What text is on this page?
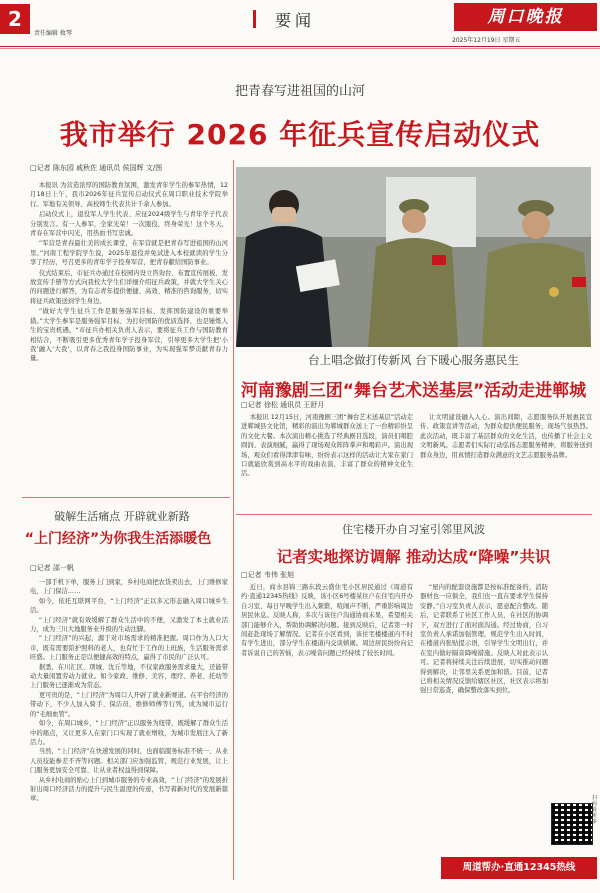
2
责任编辑 攸琴
要闻	周口晚报
2025年12月19日 星期五
把青春写进祖国的山河
我市举行 2026 年征兵宣传启动仪式
□记者 陈东园 戚秋佐 通讯员 侯国辉 文/图

本报讯 为营造浓厚的国防教育氛围，激发青年学生的参军热情，12月18日上午，我市2026年征兵宣传启动仪式在周口职业技术学院举行。军地有关领导、高校师生代表共计千余人参加。

启动仪式上，退役军人学生代表、应征2024级学生与青年学子代表分别发言。有一人参军，全家光荣！一次服役，终身荣光！这个冬天，青春在军营中闪光，用热血书写忠诚。

“军营是青春最壮美的成长课堂，在军营就是把青春写进祖国的山河里。”河南工程学院学生说，2025年退役并免试进入本校就读的学生分享了经历，号召更多的青年学子投身军营，把青春献给国防事业。

仪式结束后，市征兵办通过在校园内设立咨询台、布置宣传展板、发放宣传手册等方式向我校大学生们详细介绍征兵政策，并就大学生关心的问题进行解答，为有志青年提供便捷、高效、精准的咨询服务，切实将征兵政策送到学生身边。

“做好大学生征兵工作是服务强军目标、发挥国防建设的重要举措。”大学生参军是服务强军目标、为打好国防的优质选择，也是锤炼人生的宝贵机遇。“市征兵办相关负责人表示，要将征兵工作与国防教育相结合，不断吸引更多优秀青年学子投身军营，引导更多大学生把‘小我’融入‘大我’，以青春之我投身国防事业，为实现强军梦贡献青春力量。

征兵宣传活动现场
台上唱念做打传新风 台下暖心服务惠民生
河南豫剧三团“舞台艺术送基层”活动走进郸城
□记者 徐松 通讯员 王舒月
本报讯 12月15日，河南豫剧三团“舞台艺术送基层”活动走进郸城县文化馆，精彩的演出为郸城群众送上了一台精彩纷呈的文化大餐。本次演出精心挑选了经典剧目选段，演员们唱腔圆润、表演细腻，赢得了现场观众阵阵掌声和喝彩声。演出现场，观众们看得津津有味，纷纷表示这样的活动让大家在家门口就能欣赏到高水平的戏曲表演，丰富了群众的精神文化生活。
让文明建设融入人心。演出间隙，志愿服务队开展惠民宣传、政策宣讲等活动，为群众提供便民服务，现场气氛热烈。此次活动，既丰富了基层群众的文化生活，也传播了社会主义文明新风。志愿者们实际行动弘扬志愿服务精神，将服务送到群众身边，用真情打造群众满意的文艺志愿服务品牌。
破解生活痛点 开辟就业新路
“上门经济”为你我生活添暖色
□记者 邵一帆

一部手机下单，服务上门到家，乡村电商把农货卖出去，上门维修家电，上门保洁……

如今，依托互联网平台，“上门经济”正以多元形态融入周口城乡生活。

“上门经济”就有效缓解了群众生活中的不便，又激发了本土就业活力，成为三川大地服务业升级的生动注脚。

“上门经济”的兴起，源于对市场需求的精准把握。周口作为人口大市，既有需要陪护照料的老人，也有忙于工作的上班族，生活服务需求旺盛。上门服务正是以便捷高效的特点，赢得了市民的广泛认可。

据悉，在川汇区、项城、沈丘等地，不仅家政服务需求量大，还能带动大量闲置劳动力就业。如今家政、维修、美容、理疗、养老、托幼等上门服务已逐渐成为常态。

更可贵的是，“上门经济”为周口人开辟了就业新赛道。在平台经济的带动下，不少人加入骑手、保洁员、维修师傅等行列，成为城市运行的“毛细血管”。

如今，在周口城乡，“上门经济”正以服务为纽带，既缓解了群众生活中的痛点，又让更多人在家门口实现了就业增收，为城市发展注入了新活力。

当然，“上门经济”在快速发展的同时，也面临服务标准不统一、从业人员技能参差不齐等问题。相关部门应加强监管，规范行业发展，让上门服务更加安全可靠、让从业者权益得到保障。

从乡村电商的贴心上门到城市服务的专业高效，“上门经济”的发展折射出周口经济活力的提升与民生温度的传递，书写着新时代的发展新篇章。

住宅楼开办自习室引邻里风波
记者实地探访调解 推动达成“降噪”共识
□记者 韦伟 张旭
近日，商水县锦三路东段云盛住宅小区居民通过《周道有约·直通12345热线》反映，该小区6号楼某住户在住宅内开办自习室，每日早晚学生出入频繁，喧闹声不断，严重影响周边居民休息。反映人称，多次与该住户沟通协商未果，希望相关部门能够介入，帮助协调解决问题。接到反映后，记者第一时间赶赴现场了解情况。记者在小区看到，该住宅楼楼道内不时有学生进出，部分学生在楼道内交谈嬉闹。周边居民纷纷向记者诉说自己的苦恼，表示噪音问题已经持续了较长时间。
“屋内的配套设施都是按标准配备的，消防器材也一应俱全，我们也一直在要求学生保持安静。”自习室负责人表示，愿意配合整改。随后，记者联系了社区工作人员，在社区的协调下，双方进行了面对面沟通。经过协商，自习室负责人承诺加强管理，规范学生出入时间，在楼道内张贴提示语，引导学生文明出行，并在室内做好隔音降噪措施。反映人对此表示认可。记者将持续关注后续进展，切实推动问题得到解决，让邻里关系更加和谐。目前，记者已将相关情况反馈给辖区社区，社区表示将加强日常巡查，确保整改落实到位。
扫码看更多
周道帮办·直通12345热线
